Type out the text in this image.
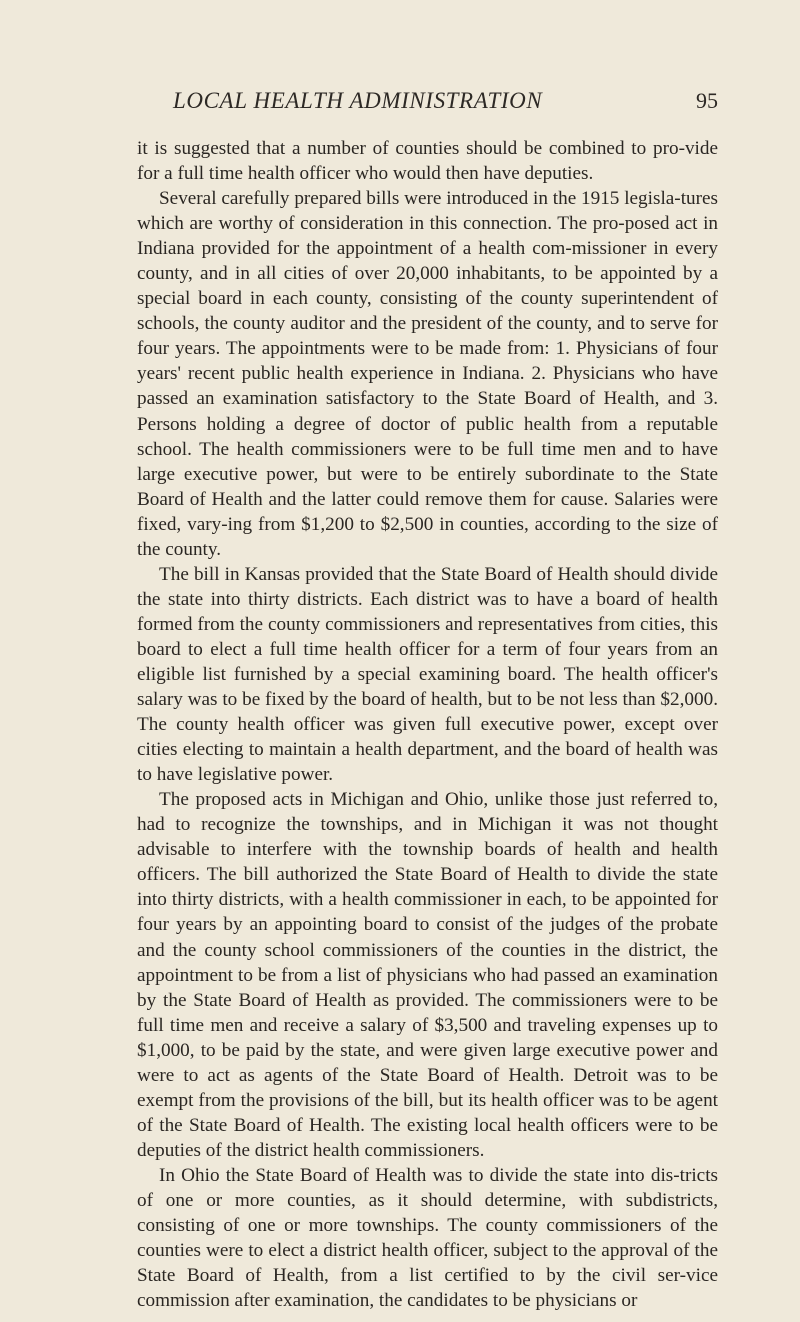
LOCAL HEALTH ADMINISTRATION	95

it is suggested that a number of counties should be combined to pro-vide for a full time health officer who would then have deputies.

Several carefully prepared bills were introduced in the 1915 legisla-tures which are worthy of consideration in this connection. The pro-posed act in Indiana provided for the appointment of a health com-missioner in every county, and in all cities of over 20,000 inhabitants, to be appointed by a special board in each county, consisting of the county superintendent of schools, the county auditor and the president of the county, and to serve for four years. The appointments were to be made from: 1. Physicians of four years' recent public health experience in Indiana. 2. Physicians who have passed an examination satisfactory to the State Board of Health, and 3. Persons holding a degree of doctor of public health from a reputable school. The health commissioners were to be full time men and to have large executive power, but were to be entirely subordinate to the State Board of Health and the latter could remove them for cause. Salaries were fixed, vary-ing from $1,200 to $2,500 in counties, according to the size of the county.

The bill in Kansas provided that the State Board of Health should divide the state into thirty districts. Each district was to have a board of health formed from the county commissioners and representatives from cities, this board to elect a full time health officer for a term of four years from an eligible list furnished by a special examining board. The health officer's salary was to be fixed by the board of health, but to be not less than $2,000. The county health officer was given full executive power, except over cities electing to maintain a health department, and the board of health was to have legislative power.

The proposed acts in Michigan and Ohio, unlike those just referred to, had to recognize the townships, and in Michigan it was not thought advisable to interfere with the township boards of health and health officers. The bill authorized the State Board of Health to divide the state into thirty districts, with a health commissioner in each, to be appointed for four years by an appointing board to consist of the judges of the probate and the county school commissioners of the counties in the district, the appointment to be from a list of physicians who had passed an examination by the State Board of Health as provided. The commissioners were to be full time men and receive a salary of $3,500 and traveling expenses up to $1,000, to be paid by the state, and were given large executive power and were to act as agents of the State Board of Health. Detroit was to be exempt from the provisions of the bill, but its health officer was to be agent of the State Board of Health. The existing local health officers were to be deputies of the district health commissioners.

In Ohio the State Board of Health was to divide the state into dis-tricts of one or more counties, as it should determine, with subdistricts, consisting of one or more townships. The county commissioners of the counties were to elect a district health officer, subject to the approval of the State Board of Health, from a list certified to by the civil ser-vice commission after examination, the candidates to be physicians or
